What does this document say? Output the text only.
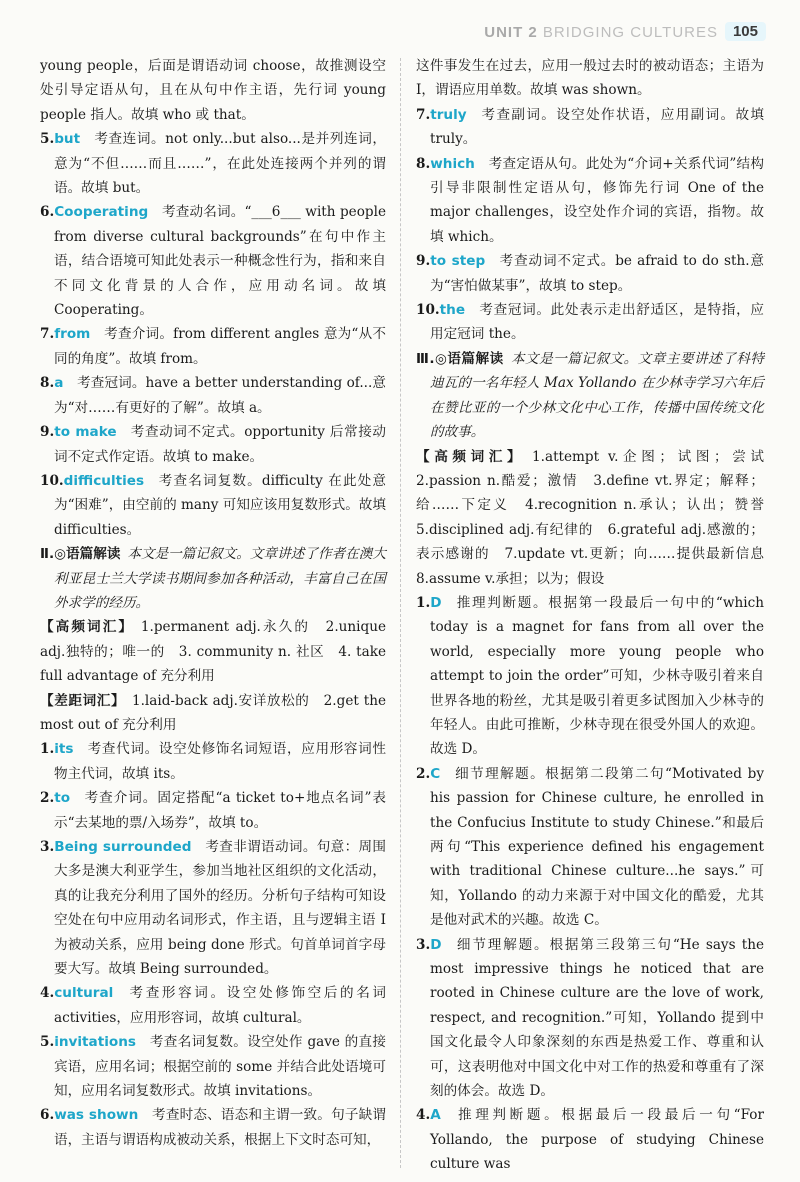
UNIT 2 BRIDGING CULTURES 105

young people，后面是谓语动词 choose，故推测设空处引导定语从句，且在从句中作主语，先行词 young people 指人。故填 who 或 that。

5.but  考查连词。not only...but also...是并列连词，意为“不但……而且……”，在此处连接两个并列的谓语。故填 but。

6.Cooperating  考查动名词。“___6___ with people from diverse cultural backgrounds”在句中作主语，结合语境可知此处表示一种概念性行为，指和来自不同文化背景的人合作，应用动名词。故填 Cooperating。

7.from  考查介词。from different angles 意为“从不同的角度”。故填 from。

8.a  考查冠词。have a better understanding of...意为“对……有更好的了解”。故填 a。

9.to make  考查动词不定式。opportunity 后常接动词不定式作定语。故填 to make。

10.difficulties  考查名词复数。difficulty 在此处意为“困难”，由空前的 many 可知应该用复数形式。故填 difficulties。

Ⅱ.◎语篇解读  本文是一篇记叙文。文章讲述了作者在澳大利亚昆士兰大学读书期间参加各种活动，丰富自己在国外求学的经历。

【高频词汇】  1.permanent adj.永久的　2.unique adj.独特的；唯一的　3. community n. 社区　4. take full advantage of 充分利用

【差距词汇】  1.laid-back adj.安详放松的　2.get the most out of 充分利用

1.its  考查代词。设空处修饰名词短语，应用形容词性物主代词，故填 its。

2.to  考查介词。固定搭配“a ticket to+地点名词”表示“去某地的票/入场券”，故填 to。

3.Being surrounded  考查非谓语动词。句意：周围大多是澳大利亚学生，参加当地社区组织的文化活动，真的让我充分利用了国外的经历。分析句子结构可知设空处在句中应用动名词形式，作主语，且与逻辑主语 I 为被动关系，应用 being done 形式。句首单词首字母要大写。故填 Being surrounded。

4.cultural  考查形容词。设空处修饰空后的名词 activities，应用形容词，故填 cultural。

5.invitations  考查名词复数。设空处作 gave 的直接宾语，应用名词；根据空前的 some 并结合此处语境可知，应用名词复数形式。故填 invitations。

6.was shown  考查时态、语态和主谓一致。句子缺谓语，主语与谓语构成被动关系，根据上下文时态可知，

这件事发生在过去，应用一般过去时的被动语态；主语为 I，谓语应用单数。故填 was shown。

7.truly  考查副词。设空处作状语，应用副词。故填 truly。

8.which  考查定语从句。此处为“介词+关系代词”结构引导非限制性定语从句，修饰先行词 One of the major challenges，设空处作介词的宾语，指物。故填 which。

9.to step  考查动词不定式。be afraid to do sth.意为“害怕做某事”，故填 to step。

10.the  考查冠词。此处表示走出舒适区，是特指，应用定冠词 the。

Ⅲ.◎语篇解读  本文是一篇记叙文。文章主要讲述了科特迪瓦的一名年轻人 Max Yollando 在少林寺学习六年后在赞比亚的一个少林文化中心工作，传播中国传统文化的故事。

【高频词汇】  1.attempt v.企图；试图；尝试　2.passion n.酷爱；激情　3.define vt.界定；解释；给……下定义　4.recognition n.承认；认出；赞誉　5.disciplined adj.有纪律的　6.grateful adj.感激的；表示感谢的　7.update vt.更新；向……提供最新信息　8.assume v.承担；以为；假设

1.D  推理判断题。根据第一段最后一句中的“which today is a magnet for fans from all over the world, especially more young people who attempt to join the order”可知，少林寺吸引着来自世界各地的粉丝，尤其是吸引着更多试图加入少林寺的年轻人。由此可推断，少林寺现在很受外国人的欢迎。故选 D。

2.C  细节理解题。根据第二段第二句“Motivated by his passion for Chinese culture, he enrolled in the Confucius Institute to study Chinese.”和最后两句“This experience defined his engagement with traditional Chinese culture...he says.”可知，Yollando 的动力来源于对中国文化的酷爱，尤其是他对武术的兴趣。故选 C。

3.D  细节理解题。根据第三段第三句“He says the most impressive things he noticed that are rooted in Chinese culture are the love of work, respect, and recognition.”可知，Yollando 提到中国文化最令人印象深刻的东西是热爱工作、尊重和认可，这表明他对中国文化中对工作的热爱和尊重有了深刻的体会。故选 D。

4.A  推理判断题。根据最后一段最后一句“For Yollando, the purpose of studying Chinese culture was
